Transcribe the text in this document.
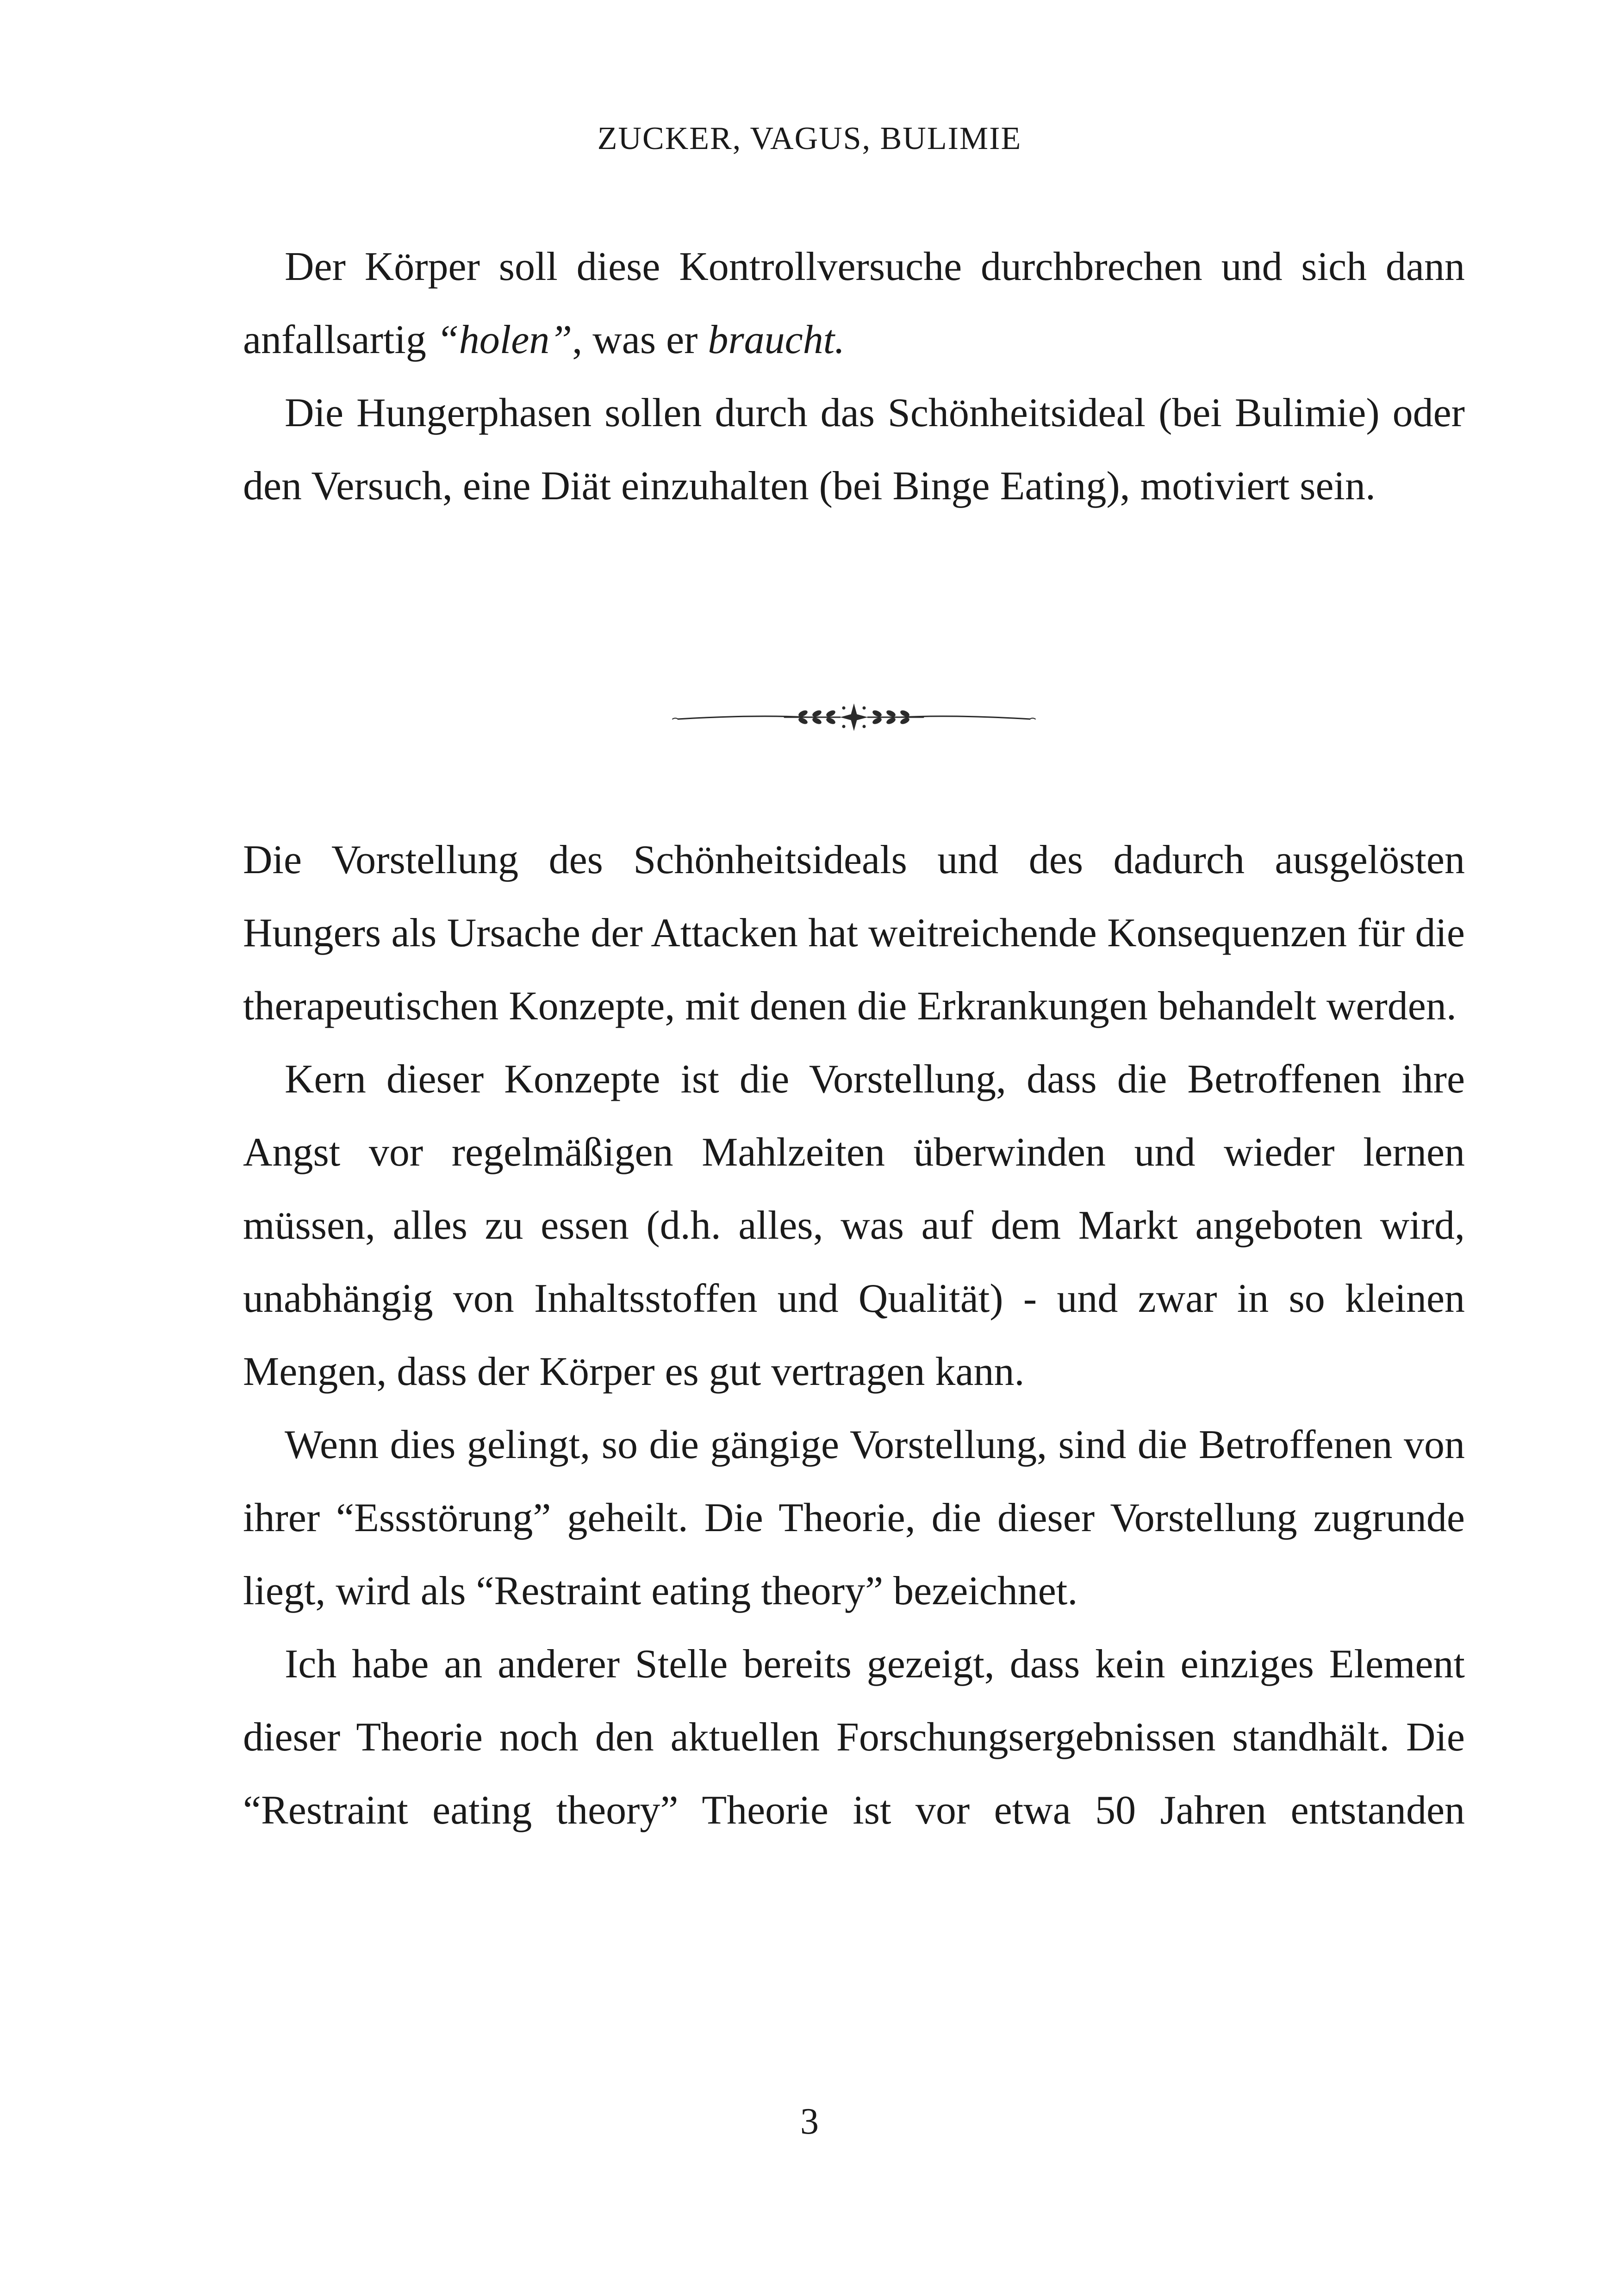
ZUCKER, VAGUS, BULIMIE

Der Körper soll diese Kontrollversuche durchbrechen und sich dann anfallsartig “holen”, was er braucht.

Die Hungerphasen sollen durch das Schönheitsideal (bei Bulimie) oder den Versuch, eine Diät einzuhalten (bei Binge Eating), motiviert sein.

Die Vorstellung des Schönheitsideals und des dadurch ausgelösten Hungers als Ursache der Attacken hat weitreichende Konsequenzen für die therapeutischen Konzepte, mit denen die Erkrankungen behandelt werden.

Kern dieser Konzepte ist die Vorstellung, dass die Betroffenen ihre Angst vor regelmäßigen Mahlzeiten überwinden und wieder lernen müssen, alles zu essen (d.h. alles, was auf dem Markt angeboten wird, unabhängig von Inhaltsstoffen und Qualität) - und zwar in so kleinen Mengen, dass der Körper es gut vertragen kann.

Wenn dies gelingt, so die gängige Vorstellung, sind die Betroffenen von ihrer “Essstörung” geheilt. Die Theorie, die dieser Vorstellung zugrunde liegt, wird als “Restraint eating theory” bezeichnet.

Ich habe an anderer Stelle bereits gezeigt, dass kein einziges Element dieser Theorie noch den aktuellen Forschungsergebnissen standhält. Die “Restraint eating theory” Theorie ist vor etwa 50 Jahren entstanden

3
